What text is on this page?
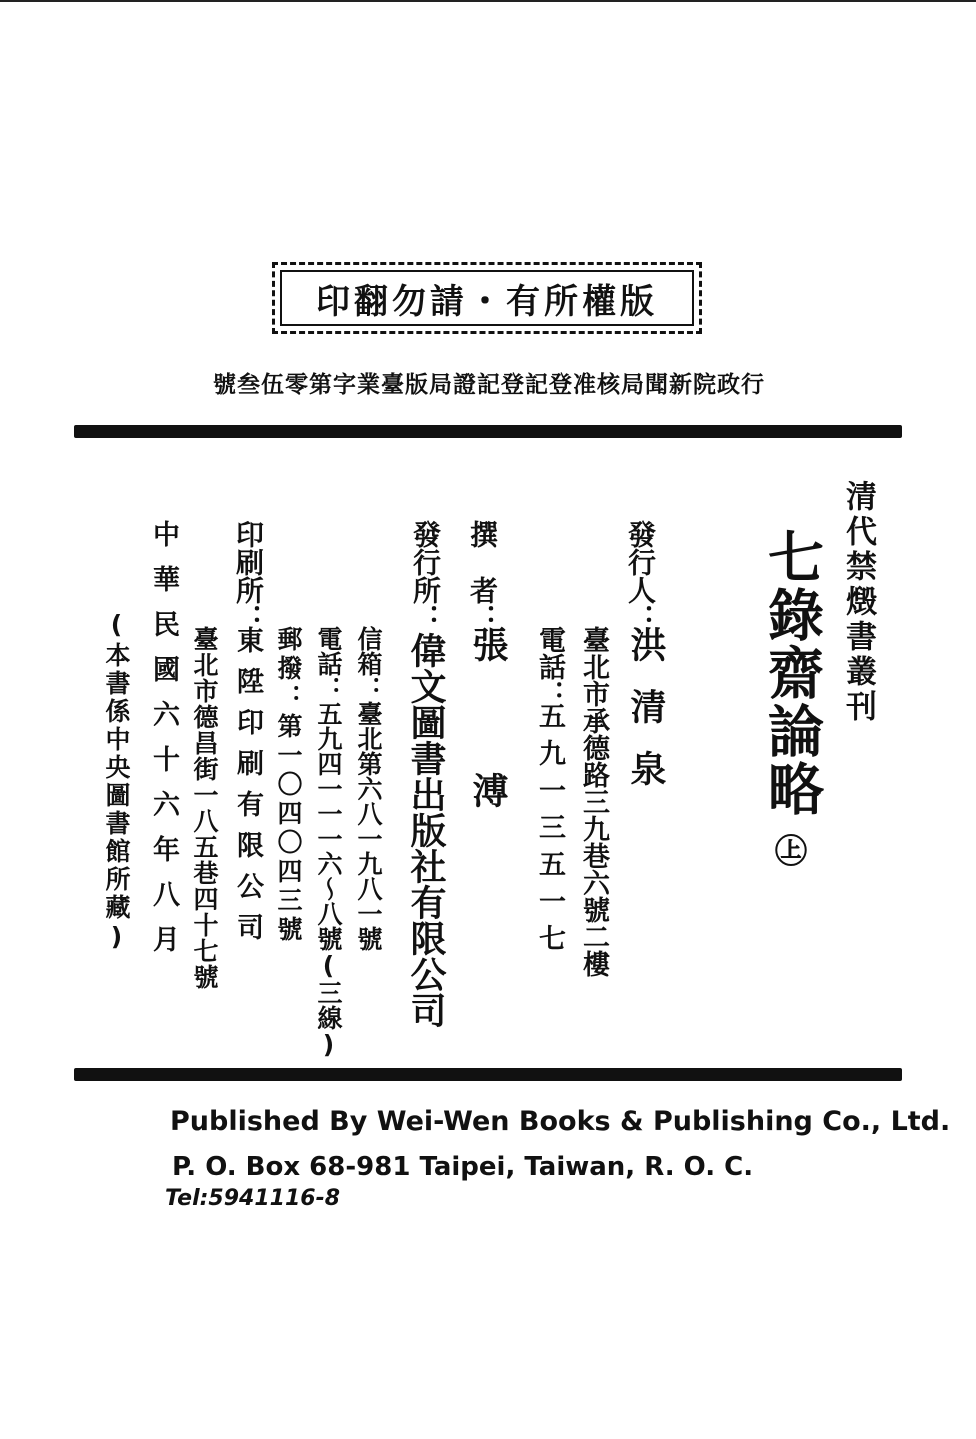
印翻勿請・有所權版
號叁伍零第字業臺版局證記登記登准核局聞新院政行
清代禁燬書叢刊
七錄齋論略
㊤
發行人：
洪清泉
臺北市承德路三九巷六號二樓
電話：
五九一三五一七
撰　者：
張溥
發行所：
偉文圖書出版社有限公司
信箱：臺北第六八一九八一號
電話：五九四一一一六〜八號(三線)
郵撥：第一〇四〇四三號
印刷所：
東陞印刷有限公司
臺北市德昌街一八五巷四十七號
中華民國六十六年八月
(本書係中央圖書館所藏)
Published By Wei-Wen Books & Publishing Co., Ltd.
P. O. Box 68-981 Taipei, Taiwan, R. O. C.
Tel:5941116-8
